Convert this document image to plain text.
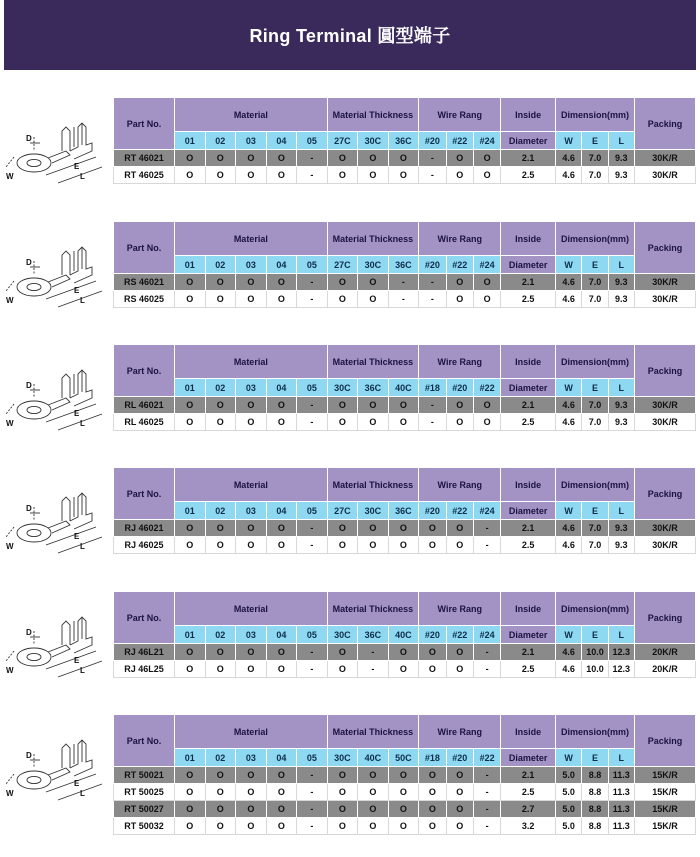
Ring Terminal 圓型端子
D
W
E
L
Part No.	Material					Material Thickness			Wire Rang			Inside	Dimension(mm)			Packing
	01	02	03	04	05	27C	30C	36C	#20	#22	#24	Diameter	W	E	L	
RT 46021	O	O	O	O	-	O	O	O	-	O	O	2.1	4.6	7.0	9.3	30K/R
RT 46025	O	O	O	O	-	O	O	O	-	O	O	2.5	4.6	7.0	9.3	30K/R
D
W
E
L
Part No.	Material					Material Thickness			Wire Rang			Inside	Dimension(mm)			Packing
	01	02	03	04	05	27C	30C	36C	#20	#22	#24	Diameter	W	E	L	
RS 46021	O	O	O	O	-	O	O	-	-	O	O	2.1	4.6	7.0	9.3	30K/R
RS 46025	O	O	O	O	-	O	O	-	-	O	O	2.5	4.6	7.0	9.3	30K/R
D
W
E
L
Part No.	Material					Material Thickness			Wire Rang			Inside	Dimension(mm)			Packing
	01	02	03	04	05	30C	36C	40C	#18	#20	#22	Diameter	W	E	L	
RL 46021	O	O	O	O	-	O	O	O	-	O	O	2.1	4.6	7.0	9.3	30K/R
RL 46025	O	O	O	O	-	O	O	O	-	O	O	2.5	4.6	7.0	9.3	30K/R
D
W
E
L
Part No.	Material					Material Thickness			Wire Rang			Inside	Dimension(mm)			Packing
	01	02	03	04	05	27C	30C	36C	#20	#22	#24	Diameter	W	E	L	
RJ 46021	O	O	O	O	-	O	O	O	O	O	-	2.1	4.6	7.0	9.3	30K/R
RJ 46025	O	O	O	O	-	O	O	O	O	O	-	2.5	4.6	7.0	9.3	30K/R
D
W
E
L
Part No.	Material					Material Thickness			Wire Rang			Inside	Dimension(mm)			Packing
	01	02	03	04	05	30C	36C	40C	#20	#22	#24	Diameter	W	E	L	
RJ 46L21	O	O	O	O	-	O	-	O	O	O	-	2.1	4.6	10.0	12.3	20K/R
RJ 46L25	O	O	O	O	-	O	-	O	O	O	-	2.5	4.6	10.0	12.3	20K/R
D
W
E
L
Part No.	Material					Material Thickness			Wire Rang			Inside	Dimension(mm)			Packing
	01	02	03	04	05	30C	40C	50C	#18	#20	#22	Diameter	W	E	L	
RT 50021	O	O	O	O	-	O	O	O	O	O	-	2.1	5.0	8.8	11.3	15K/R
RT 50025	O	O	O	O	-	O	O	O	O	O	-	2.5	5.0	8.8	11.3	15K/R
RT 50027	O	O	O	O	-	O	O	O	O	O	-	2.7	5.0	8.8	11.3	15K/R
RT 50032	O	O	O	O	-	O	O	O	O	O	-	3.2	5.0	8.8	11.3	15K/R
